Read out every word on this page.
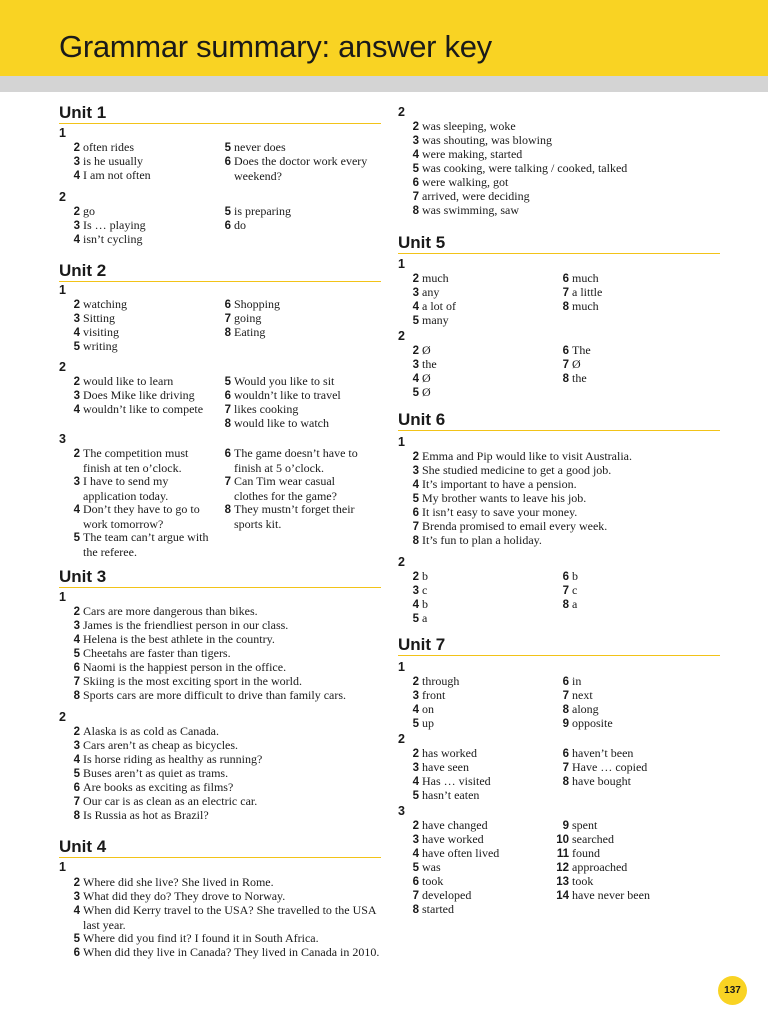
Grammar summary: answer key
Unit 1
1
2 often rides
3 is he usually
4 I am not often
5 never does
6 Does the doctor work every weekend?
2
2 go
3 Is … playing
4 isn’t cycling
5 is preparing
6 do
Unit 2
1
2 watching
3 Sitting
4 visiting
5 writing
6 Shopping
7 going
8 Eating
2
2 would like to learn
3 Does Mike like driving
4 wouldn’t like to compete
5 Would you like to sit
6 wouldn’t like to travel
7 likes cooking
8 would like to watch
3
2 The competition must finish at ten o’clock.
3 I have to send my application today.
4 Don’t they have to go to work tomorrow?
5 The team can’t argue with the referee.
6 The game doesn’t have to finish at 5 o’clock.
7 Can Tim wear casual clothes for the game?
8 They mustn’t forget their sports kit.
Unit 3
1
2 Cars are more dangerous than bikes.
3 James is the friendliest person in our class.
4 Helena is the best athlete in the country.
5 Cheetahs are faster than tigers.
6 Naomi is the happiest person in the office.
7 Skiing is the most exciting sport in the world.
8 Sports cars are more difficult to drive than family cars.
2
2 Alaska is as cold as Canada.
3 Cars aren’t as cheap as bicycles.
4 Is horse riding as healthy as running?
5 Buses aren’t as quiet as trams.
6 Are books as exciting as films?
7 Our car is as clean as an electric car.
8 Is Russia as hot as Brazil?
Unit 4
1
2 Where did she live? She lived in Rome.
3 What did they do? They drove to Norway.
4 When did Kerry travel to the USA? She travelled to the USA last year.
5 Where did you find it? I found it in South Africa.
6 When did they live in Canada? They lived in Canada in 2010.
2
2 was sleeping, woke
3 was shouting, was blowing
4 were making, started
5 was cooking, were talking / cooked, talked
6 were walking, got
7 arrived, were deciding
8 was swimming, saw
Unit 5
1
2 much
3 any
4 a lot of
5 many
6 much
7 a little
8 much
2
2 Ø
3 the
4 Ø
5 Ø
6 The
7 Ø
8 the
Unit 6
1
2 Emma and Pip would like to visit Australia.
3 She studied medicine to get a good job.
4 It’s important to have a pension.
5 My brother wants to leave his job.
6 It isn’t easy to save your money.
7 Brenda promised to email every week.
8 It’s fun to plan a holiday.
2
2 b
3 c
4 b
5 a
6 b
7 c
8 a
Unit 7
1
2 through
3 front
4 on
5 up
6 in
7 next
8 along
9 opposite
2
2 has worked
3 have seen
4 Has … visited
5 hasn’t eaten
6 haven’t been
7 Have … copied
8 have bought
3
2 have changed
3 have worked
4 have often lived
5 was
6 took
7 developed
8 started
9 spent
10 searched
11 found
12 approached
13 took
14 have never been
137
